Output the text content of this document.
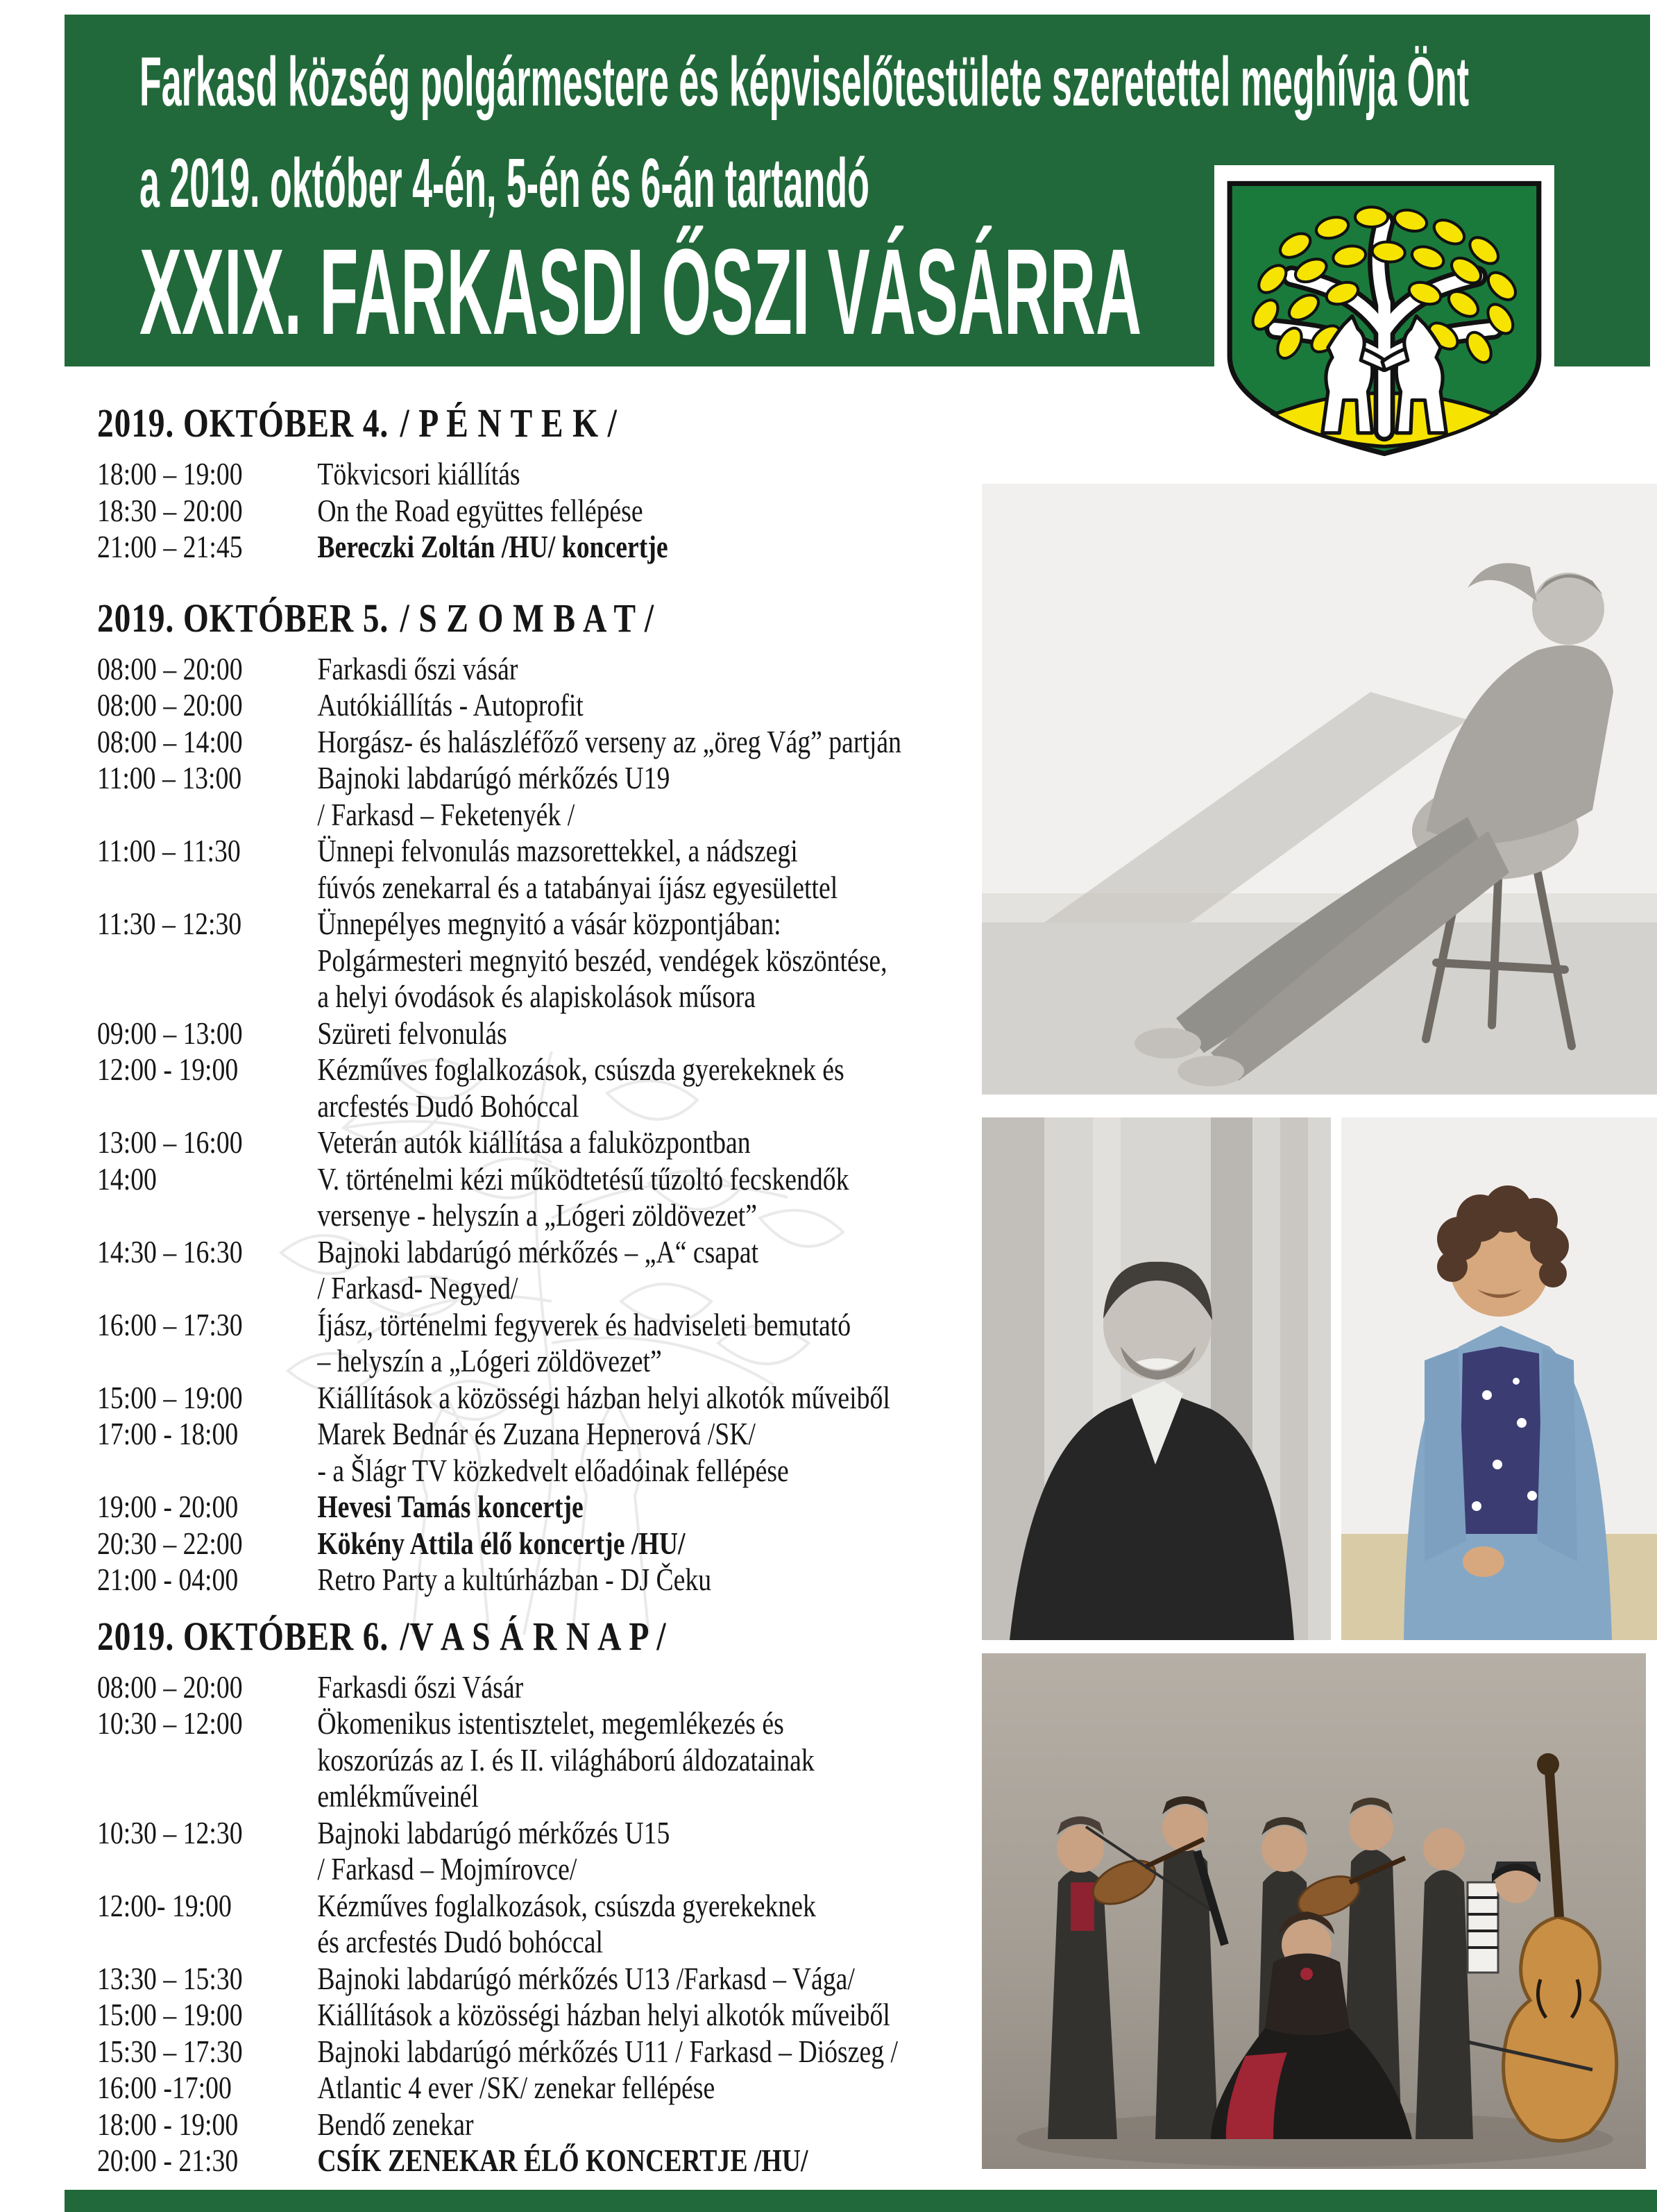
Farkasd község polgármestere és képviselőtestülete szeretettel meghívja Önt
a 2019. október 4-én, 5-én és 6-án tartandó
XXIX. FARKASDI ŐSZI VÁSÁRRA
2019. OKTÓBER 4. / P É N T E K /
18:00 – 19:00	Tökvicsori kiállítás
18:30 – 20:00	On the Road együttes fellépése
21:00 – 21:45	Bereczki Zoltán /HU/ koncertje
2019. OKTÓBER 5. / S Z O M B A T /
08:00 – 20:00	Farkasdi őszi vásár
08:00 – 20:00	Autókiállítás - Autoprofit
08:00 – 14:00	Horgász- és halászléfőző verseny az „öreg Vág” partján
11:00 – 13:00	Bajnoki labdarúgó mérkőzés U19
/ Farkasd – Feketenyék /
11:00 – 11:30	Ünnepi felvonulás mazsorettekkel, a nádszegi
fúvós zenekarral és a tatabányai íjász egyesülettel
11:30 – 12:30	Ünnepélyes megnyitó a vásár központjában:
Polgármesteri megnyitó beszéd, vendégek köszöntése,
a helyi óvodások és alapiskolások műsora
09:00 – 13:00	Szüreti felvonulás
12:00 - 19:00	Kézműves foglalkozások, csúszda gyerekeknek és
arcfestés Dudó Bohóccal
13:00 – 16:00	Veterán autók kiállítása a faluközpontban
14:00	V. történelmi kézi működtetésű tűzoltó fecskendők
versenye - helyszín a „Lógeri zöldövezet”
14:30 – 16:30	Bajnoki labdarúgó mérkőzés – „A“ csapat
/ Farkasd- Negyed/
16:00 – 17:30	Íjász, történelmi fegyverek és hadviseleti bemutató
– helyszín a „Lógeri zöldövezet”
15:00 – 19:00	Kiállítások a közösségi házban helyi alkotók műveiből
17:00 - 18:00	Marek Bednár és Zuzana Hepnerová /SK/
- a Šlágr TV közkedvelt előadóinak fellépése
19:00 - 20:00	Hevesi Tamás koncertje
20:30 – 22:00	Kökény Attila élő koncertje /HU/
21:00 - 04:00	Retro Party a kultúrházban - DJ Čeku
2019. OKTÓBER 6. /V A S Á R N A P /
08:00 – 20:00	Farkasdi őszi Vásár
10:30 – 12:00	Ökomenikus istentisztelet, megemlékezés és
koszorúzás az I. és II. világháború áldozatainak
emlékműveinél
10:30 – 12:30	Bajnoki labdarúgó mérkőzés U15
/ Farkasd – Mojmírovce/
12:00- 19:00	Kézműves foglalkozások, csúszda gyerekeknek
és arcfestés Dudó bohóccal
13:30 – 15:30	Bajnoki labdarúgó mérkőzés U13 /Farkasd – Vága/
15:00 – 19:00	Kiállítások a közösségi házban helyi alkotók műveiből
15:30 – 17:30	Bajnoki labdarúgó mérkőzés U11 / Farkasd – Diószeg /
16:00 -17:00	Atlantic 4 ever /SK/ zenekar fellépése
18:00 - 19:00	Bendő zenekar
20:00 - 21:30	CSÍK ZENEKAR ÉLŐ KONCERTJE /HU/
